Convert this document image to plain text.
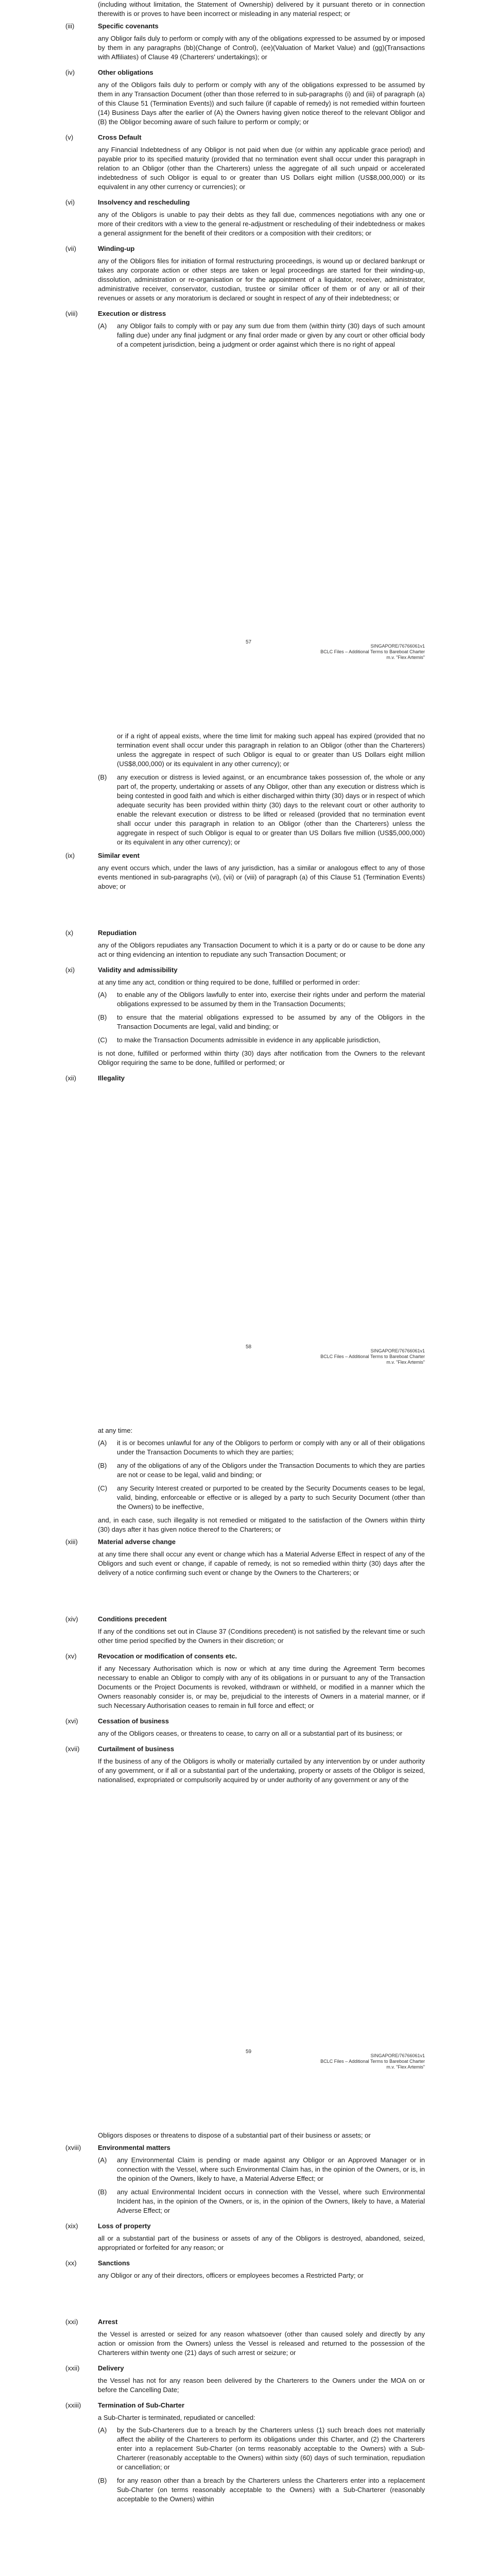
(including without limitation, the Statement of Ownership) delivered by it pursuant thereto or in connection therewith is or proves to have been incorrect or misleading in any material respect; or

(iii)	Specific covenants

any Obligor fails duly to perform or comply with any of the obligations expressed to be assumed by or imposed by them in any paragraphs (bb)(Change of Control), (ee)(Valuation of Market Value) and (gg)(Transactions with Affiliates) of Clause 49 (Charterers' undertakings); or

(iv)	Other obligations

any of the Obligors fails duly to perform or comply with any of the obligations expressed to be assumed by them in any Transaction Document (other than those referred to in sub-paragraphs (i) and (iii) of paragraph (a) of this Clause 51 (Termination Events)) and such failure (if capable of remedy) is not remedied within fourteen (14) Business Days after the earlier of (A) the Owners having given notice thereof to the relevant Obligor and (B) the Obligor becoming aware of such failure to perform or comply; or

(v)	Cross Default

any Financial Indebtedness of any Obligor is not paid when due (or within any applicable grace period) and payable prior to its specified maturity (provided that no termination event shall occur under this paragraph in relation to an Obligor (other than the Charterers) unless the aggregate of all such unpaid or accelerated indebtedness of such Obligor is equal to or greater than US Dollars eight million (US$8,000,000) or its equivalent in any other currency or currencies); or

(vi)	Insolvency and rescheduling

any of the Obligors is unable to pay their debts as they fall due, commences negotiations with any one or more of their creditors with a view to the general re-adjustment or rescheduling of their indebtedness or makes a general assignment for the benefit of their creditors or a composition with their creditors; or

(vii)	Winding-up

any of the Obligors files for initiation of formal restructuring proceedings, is wound up or declared bankrupt or takes any corporate action or other steps are taken or legal proceedings are started for their winding-up, dissolution, administration or re-organisation or for the appointment of a liquidator, receiver, administrator, administrative receiver, conservator, custodian, trustee or similar officer of them or of any or all of their revenues or assets or any moratorium is declared or sought in respect of any of their indebtedness; or

(viii)	Execution or distress

(A) any Obligor fails to comply with or pay any sum due from them (within thirty (30) days of such amount falling due) under any final judgment or any final order made or given by any court or other official body of a competent jurisdiction, being a judgment or order against which there is no right of appeal
57
SINGAPORE/76766061v1
BCLC Files – Additional Terms to Bareboat Charter
m.v. "Flex Artemis"
or if a right of appeal exists, where the time limit for making such appeal has expired (provided that no termination event shall occur under this paragraph in relation to an Obligor (other than the Charterers) unless the aggregate in respect of such Obligor is equal to or greater than US Dollars eight million (US$8,000,000) or its equivalent in any other currency); or
(B) any execution or distress is levied against, or an encumbrance takes possession of, the whole or any part of, the property, undertaking or assets of any Obligor, other than any execution or distress which is being contested in good faith and which is either discharged within thirty (30) days or in respect of which adequate security has been provided within thirty (30) days to the relevant court or other authority to enable the relevant execution or distress to be lifted or released (provided that no termination event shall occur under this paragraph in relation to an Obligor (other than the Charterers) unless the aggregate in respect of such Obligor is equal to or greater than US Dollars five million (US$5,000,000) or its equivalent in any other currency); or
(ix)	Similar event

any event occurs which, under the laws of any jurisdiction, has a similar or analogous effect to any of those events mentioned in sub-paragraphs (vi), (vii) or (viii) of paragraph (a) of this Clause 51 (Termination Events) above; or

(x)	Repudiation

any of the Obligors repudiates any Transaction Document to which it is a party or do or cause to be done any act or thing evidencing an intention to repudiate any such Transaction Document; or

(xi)	Validity and admissibility

at any time any act, condition or thing required to be done, fulfilled or performed in order:

(A) to enable any of the Obligors lawfully to enter into, exercise their rights under and perform the material obligations expressed to be assumed by them in the Transaction Documents;
(B) to ensure that the material obligations expressed to be assumed by any of the Obligors in the Transaction Documents are legal, valid and binding; or
(C) to make the Transaction Documents admissible in evidence in any applicable jurisdiction,

is not done, fulfilled or performed within thirty (30) days after notification from the Owners to the relevant Obligor requiring the same to be done, fulfilled or performed; or

(xii)	Illegality

58
SINGAPORE/76766061v1
BCLC Files – Additional Terms to Bareboat Charter
m.v. "Flex Artemis"

at any time:

(A) it is or becomes unlawful for any of the Obligors to perform or comply with any or all of their obligations under the Transaction Documents to which they are parties;
(B) any of the obligations of any of the Obligors under the Transaction Documents to which they are parties are not or cease to be legal, valid and binding; or
(C) any Security Interest created or purported to be created by the Security Documents ceases to be legal, valid, binding, enforceable or effective or is alleged by a party to such Security Document (other than the Owners) to be ineffective,

and, in each case, such illegality is not remedied or mitigated to the satisfaction of the Owners within thirty (30) days after it has given notice thereof to the Charterers; or

(xiii)	Material adverse change

at any time there shall occur any event or change which has a Material Adverse Effect in respect of any of the Obligors and such event or change, if capable of remedy, is not so remedied within thirty (30) days after the delivery of a notice confirming such event or change by the Owners to the Charterers; or

(xiv)	Conditions precedent

If any of the conditions set out in Clause 37 (Conditions precedent) is not satisfied by the relevant time or such other time period specified by the Owners in their discretion; or

(xv)	Revocation or modification of consents etc.

if any Necessary Authorisation which is now or which at any time during the Agreement Term becomes necessary to enable an Obligor to comply with any of its obligations in or pursuant to any of the Transaction Documents or the Project Documents is revoked, withdrawn or withheld, or modified in a manner which the Owners reasonably consider is, or may be, prejudicial to the interests of Owners in a material manner, or if such Necessary Authorisation ceases to remain in full force and effect; or

(xvi)	Cessation of business

any of the Obligors ceases, or threatens to cease, to carry on all or a substantial part of its business; or

(xvii)	Curtailment of business

If the business of any of the Obligors is wholly or materially curtailed by any intervention by or under authority of any government, or if all or a substantial part of the undertaking, property or assets of the Obligor is seized, nationalised, expropriated or compulsorily acquired by or under authority of any government or any of the

59
SINGAPORE/76766061v1
BCLC Files – Additional Terms to Bareboat Charter
m.v. "Flex Artemis"

Obligors disposes or threatens to dispose of a substantial part of their business or assets; or

(xviii)	Environmental matters

(A) any Environmental Claim is pending or made against any Obligor or an Approved Manager or in connection with the Vessel, where such Environmental Claim has, in the opinion of the Owners, or is, in the opinion of the Owners, likely to have, a Material Adverse Effect; or
(B) any actual Environmental Incident occurs in connection with the Vessel, where such Environmental Incident has, in the opinion of the Owners, or is, in the opinion of the Owners, likely to have, a Material Adverse Effect; or
(xix)	Loss of property

all or a substantial part of the business or assets of any of the Obligors is destroyed, abandoned, seized, appropriated or forfeited for any reason; or

(xx)	Sanctions

any Obligor or any of their directors, officers or employees becomes a Restricted Party; or

(xxi)	Arrest

the Vessel is arrested or seized for any reason whatsoever (other than caused solely and directly by any action or omission from the Owners) unless the Vessel is released and returned to the possession of the Charterers within twenty one (21) days of such arrest or seizure; or

(xxii)	Delivery

the Vessel has not for any reason been delivered by the Charterers to the Owners under the MOA on or before the Cancelling Date;

(xxiii)	Termination of Sub-Charter

a Sub-Charter is terminated, repudiated or cancelled:

(A) by the Sub-Charterers due to a breach by the Charterers unless (1) such breach does not materially affect the ability of the Charterers to perform its obligations under this Charter, and (2) the Charterers enter into a replacement Sub-Charter (on terms reasonably acceptable to the Owners) with a Sub-Charterer (reasonably acceptable to the Owners) within sixty (60) days of such termination, repudiation or cancellation; or
(B) for any reason other than a breach by the Charterers unless the Charterers enter into a replacement Sub-Charter (on terms reasonably acceptable to the Owners) with a Sub-Charterer (reasonably acceptable to the Owners) within
